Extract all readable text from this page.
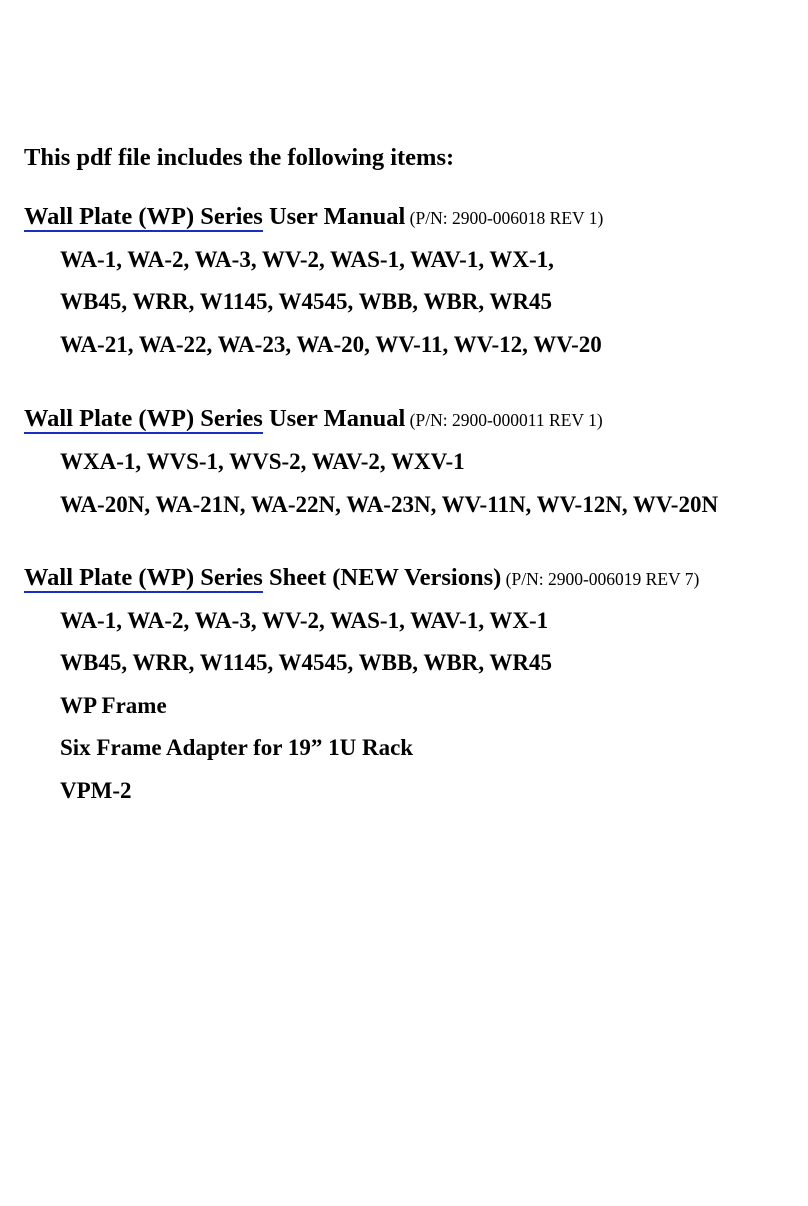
This pdf file includes the following items:
Wall Plate (WP) Series User Manual (P/N: 2900-006018 REV 1)
WA-1, WA-2, WA-3, WV-2, WAS-1, WAV-1, WX-1,
WB45, WRR, W1145, W4545, WBB, WBR, WR45
WA-21, WA-22, WA-23, WA-20, WV-11, WV-12, WV-20
Wall Plate (WP) Series User Manual (P/N: 2900-000011 REV 1)
WXA-1, WVS-1, WVS-2, WAV-2, WXV-1
WA-20N, WA-21N, WA-22N, WA-23N, WV-11N, WV-12N, WV-20N
Wall Plate (WP) Series Sheet (NEW Versions) (P/N: 2900-006019 REV 7)
WA-1, WA-2, WA-3, WV-2, WAS-1, WAV-1, WX-1
WB45, WRR, W1145, W4545, WBB, WBR, WR45
WP Frame
Six Frame Adapter for 19” 1U Rack
VPM-2
